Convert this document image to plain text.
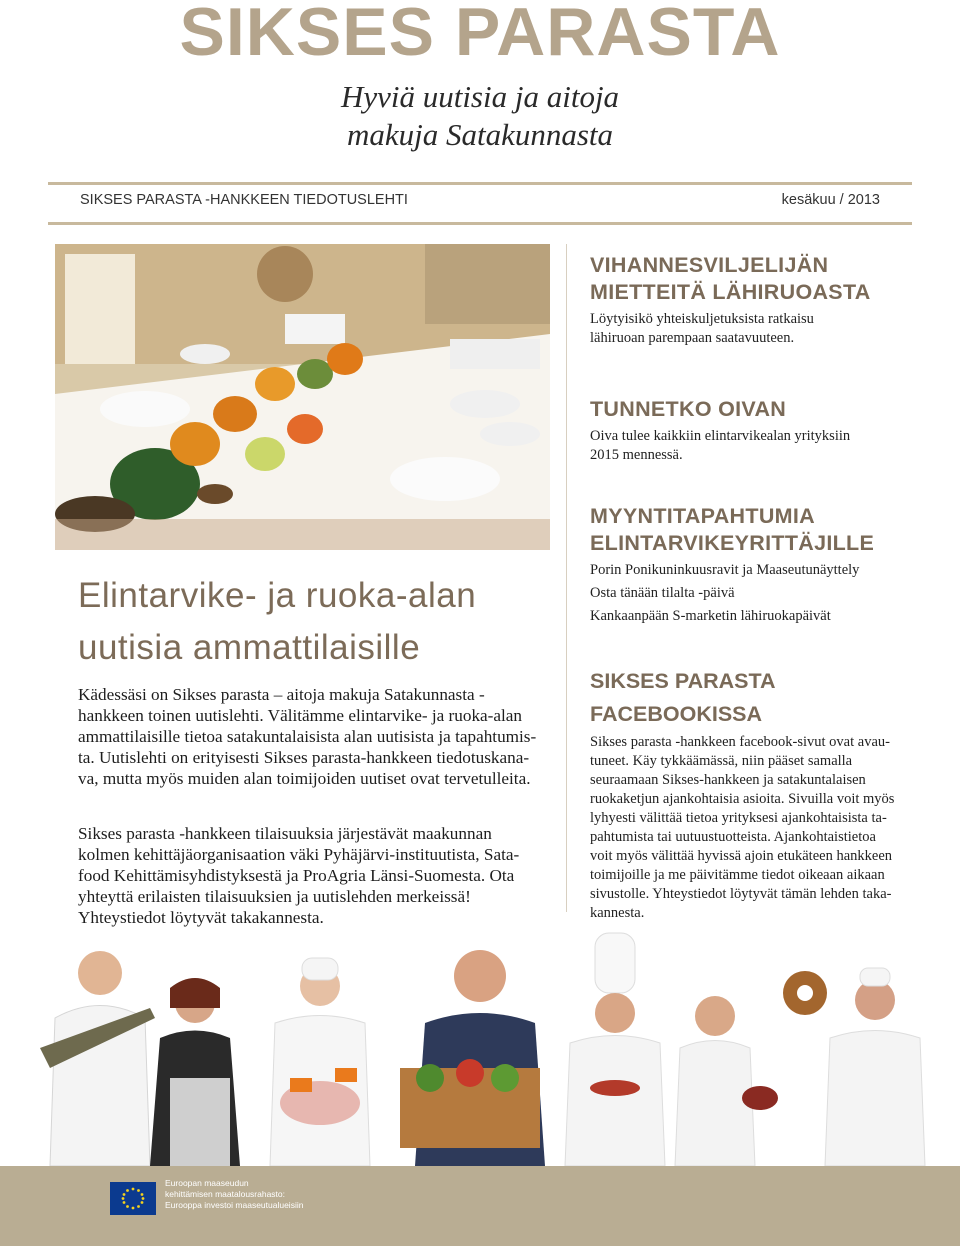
SIKSES PARASTA
Hyviä uutisia ja aitoja
makuja Satakunnasta
SIKSES PARASTA -HANKKEEN TIEDOTUSLEHTI	kesäkuu / 2013
Elintarvike- ja ruoka-alan
uutisia ammattilaisille
Kädessäsi on Sikses parasta – aitoja makuja Satakunnasta -
hankkeen toinen uutislehti. Välitämme elintarvike- ja ruoka-alan
ammattilaisille tietoa satakuntalaisista alan uutisista ja tapahtumis-
ta. Uutislehti on erityisesti Sikses parasta-hankkeen tiedotuskana-
va, mutta myös muiden alan toimijoiden uutiset ovat tervetulleita.
Sikses parasta -hankkeen tilaisuuksia järjestävät maakunnan
kolmen kehittäjäorganisaation väki Pyhäjärvi-instituutista, Sata-
food Kehittämisyhdistyksestä ja ProAgria Länsi-Suomesta. Ota
yhteyttä erilaisten tilaisuuksien ja uutislehden merkeissä!
Yhteystiedot löytyvät takakannesta.
VIHANNESVILJELIJÄN
MIETTEITÄ LÄHIRUOASTA
Löytyisikö yhteiskuljetuksista ratkaisu
lähiruoan parempaan saatavuuteen.
TUNNETKO OIVAN
Oiva tulee kaikkiin elintarvikealan yrityksiin
2015 mennessä.
MYYNTITAPAHTUMIA
ELINTARVIKEYRITTÄJILLE
Porin Ponikuninkuusravit ja Maaseutunäyttely
Osta tänään tilalta -päivä
Kankaanpään S-marketin lähiruokapäivät
SIKSES PARASTA
FACEBOOKISSA
Sikses parasta -hankkeen facebook-sivut ovat avau-
tuneet. Käy tykkäämässä, niin pääset samalla
seuraamaan Sikses-hankkeen ja satakuntalaisen
ruokaketjun ajankohtaisia asioita. Sivuilla voit myös
lyhyesti välittää tietoa yrityksesi ajankohtaisista ta-
pahtumista tai uutuustuotteista. Ajankohtaistietoa
voit myös välittää hyvissä ajoin etukäteen hankkeen
toimijoille ja me päivitämme tiedot oikeaan aikaan
sivustolle. Yhteystiedot löytyvät tämän lehden taka-
kannesta.
Euroopan maaseudun
kehittämisen maatalousrahasto:
Eurooppa investoi maaseutualueisiin
